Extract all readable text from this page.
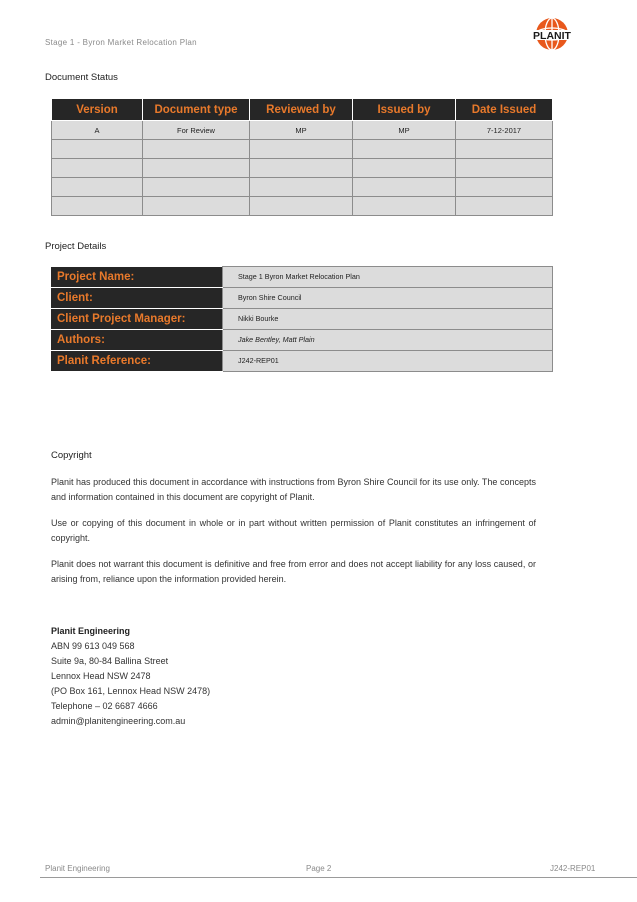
Stage 1 - Byron Market Relocation Plan
PLANIT
Document Status
Version	Document type	Reviewed by	Issued by	Date Issued
A	For Review	MP	MP	7-12-2017

Project Details
Project Name:	Stage 1 Byron Market Relocation Plan
Client:	Byron Shire Council
Client Project Manager:	Nikki Bourke
Authors:	Jake Bentley, Matt Plain
Planit Reference:	J242-REP01
Copyright
Planit has produced this document in accordance with instructions from Byron Shire Council for its use only. The concepts and information contained in this document are copyright of Planit.
Use or copying of this document in whole or in part without written permission of Planit constitutes an infringement of copyright.
Planit does not warrant this document is definitive and free from error and does not accept liability for any loss caused, or arising from, reliance upon the information provided herein.
Planit Engineering
ABN 99 613 049 568
Suite 9a, 80-84 Ballina Street
Lennox Head NSW 2478
(PO Box 161, Lennox Head NSW 2478)
Telephone – 02 6687 4666
admin@planitengineering.com.au
Planit Engineering	Page 2	J242-REP01
